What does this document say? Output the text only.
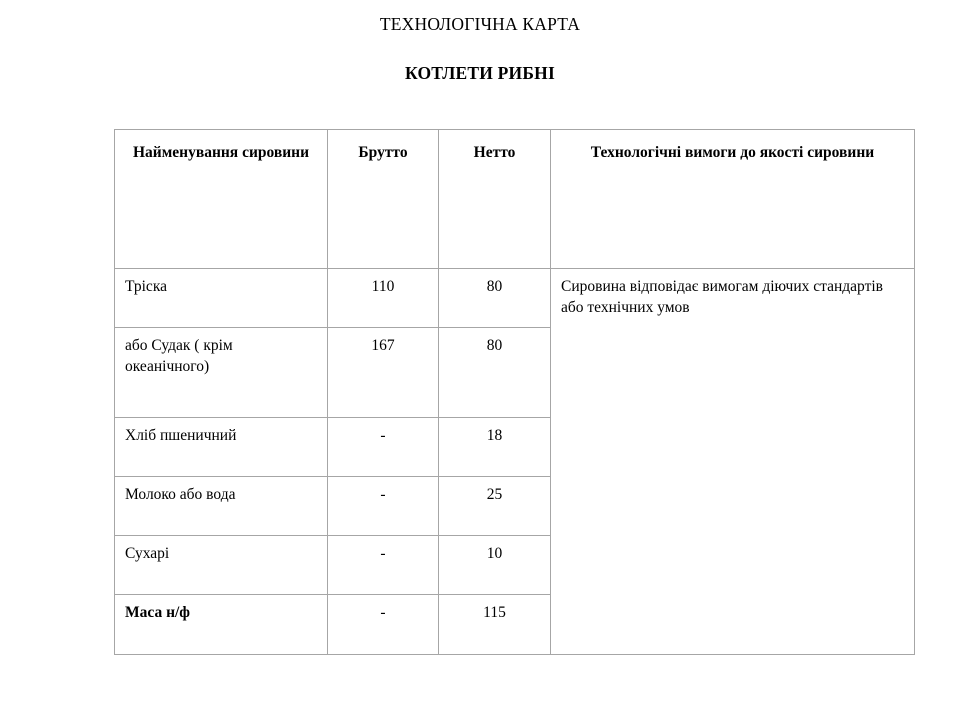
ТЕХНОЛОГІЧНА КАРТА
КОТЛЕТИ РИБНІ
Найменування сировини	Брутто	Нетто	Технологічні вимоги до якості сировини
Тріска	110	80	Сировина відповідає вимогам діючих стандартів або технічних умов
або Судак ( крім океанічного)	167	80	
Хліб пшеничний	-	18	
Молоко або вода	-	25	
Сухарі	-	10	
Маса н/ф	-	115	
